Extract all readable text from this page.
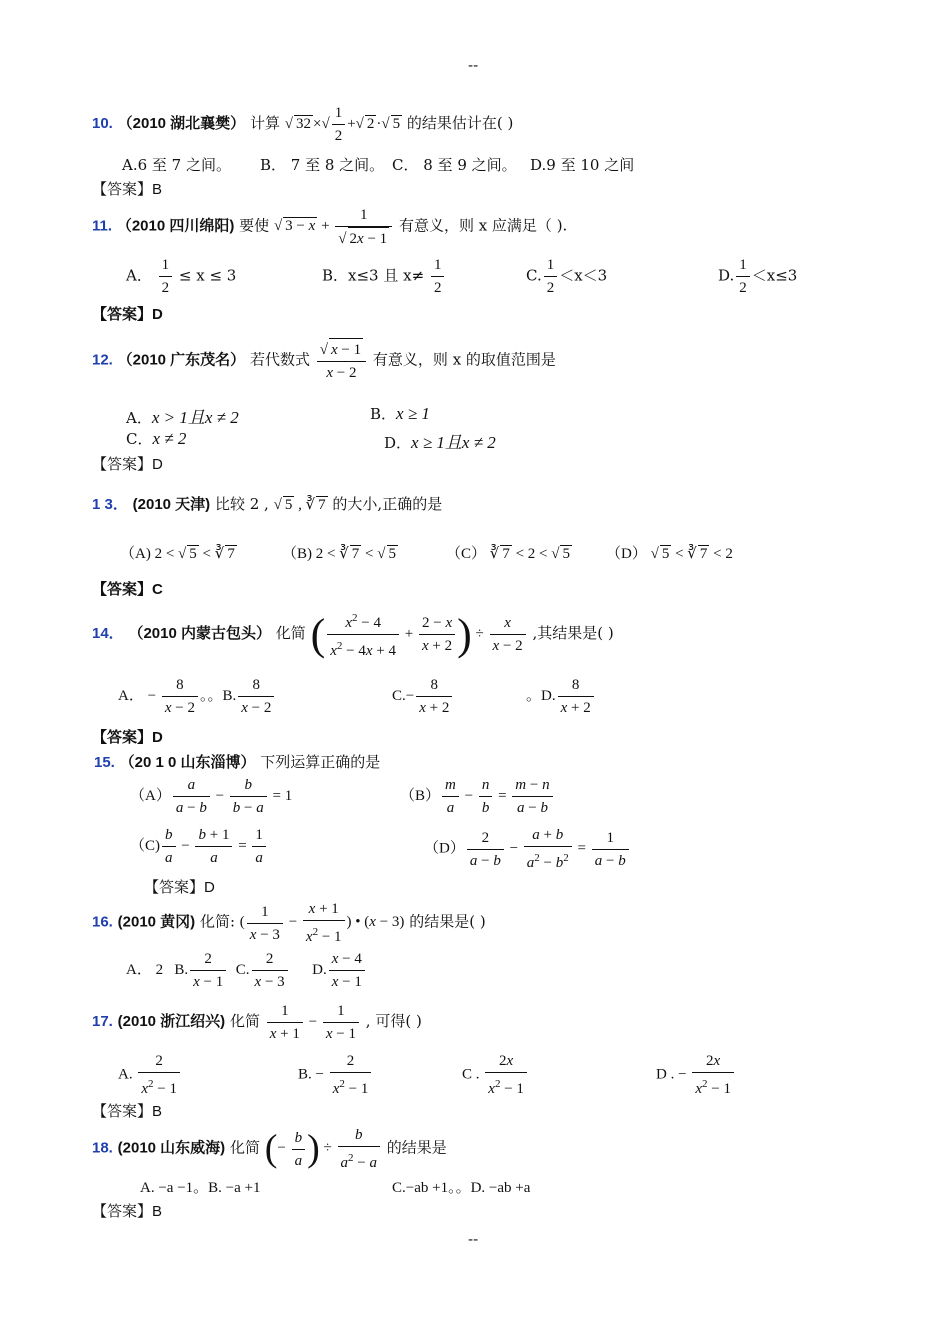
--
10. （2010 湖北襄樊） 计算 √ 32 ×√ $\frac{1}{2}$ +√ 2 ·√ 5 的结果估计在( )
A.6 至 7 之间。 B． 7 至 8 之间。 C． 8 至 9 之间。 D.9 至 10 之间
【答案】B
11. （2010 四川绵阳) 要使 √ $3 - x + \frac{1}{√ 2x - 1}$ 有意义，则 x 应满足（ ).
A． $\frac{1}{2} \le x \le 3$	B．x≤3 且 $x\ne \frac{1}{2}$	C. $\frac{1}{2} <x<3$	D. $\frac{1}{2} <x\le 3$
【答案】D
12. （2010 广东茂名） 若代数式 $\frac{√ x - 1}{x - 2}$ 有意义，则 x 的取值范围是
A．x > 1且x ≠ 2	B．x ≥ 1
C．x ≠ 2	D．x ≥ 1且x ≠ 2
【答案】D
1 3． (2010 天津) 比较 2 , √ 5 , ∛ 7 的大小,正确的是
（A) 2 < √ 5 < ∛ 7	（B) 2 < ∛ 7 < √ 5	（C） ∛ 7 < 2 < √ 5 （D） √ 5 < ∛ 7 < 2
【答案】C
14． （2010 内蒙古包头） 化简 ( $\frac{x^2 - 4}{x^2 - 4x + 4} + \frac{2 - x}{x + 2}$ ) ÷ $\frac{x}{x - 2}$ ,其结果是( )
A． − $\frac{8}{x - 2}$ 。。B. $\frac{8}{x - 2}$	$C.- \frac{8}{x + 2}$	。D. $\frac{8}{x + 2}$
【答案】D
15. （20 1 0 山东淄博） 下列运算正确的是
$(A) \frac{a}{a - b} - \frac{b}{b - a} = 1$	$(B) \frac{m}{a} - \frac{n}{b} = \frac{m - n}{a - b}$
$(C) \frac{b}{a} - \frac{b + 1}{a} = \frac{1}{a}$	$(D) \frac{2}{a - b} - \frac{a + b}{a^2 - b^2} = \frac{1}{a - b}$
【答案】D
16. (2010 黄冈) 化简: ( $\frac{1}{x - 3} - \frac{x + 1}{x^2 - 1}$ ) • (x − 3) 的结果是( )
A． 2 B. $\frac{2}{x - 1} C$. $\frac{2}{x - 3} D$. $\frac{x - 4}{x - 1}$
17. (2010 浙江绍兴) 化简 $\frac{1}{x + 1} - \frac{1}{x - 1}$ , 可得( )
A. $\frac{2}{x^2 - 1}$	B. − $\frac{2}{x^2 - 1}$	C . $\frac{2x}{x^2 - 1}$	D . − $\frac{2x}{x^2 - 1}$
【答案】B
18. (2010 山东威海) 化简 (− $\frac{b}{a}$ ) ÷ $\frac{b}{a^2 - a}$ 的结果是
A. −a −1。B. −a +1	C.−ab +1。。D. −ab +a
【答案】B
--
